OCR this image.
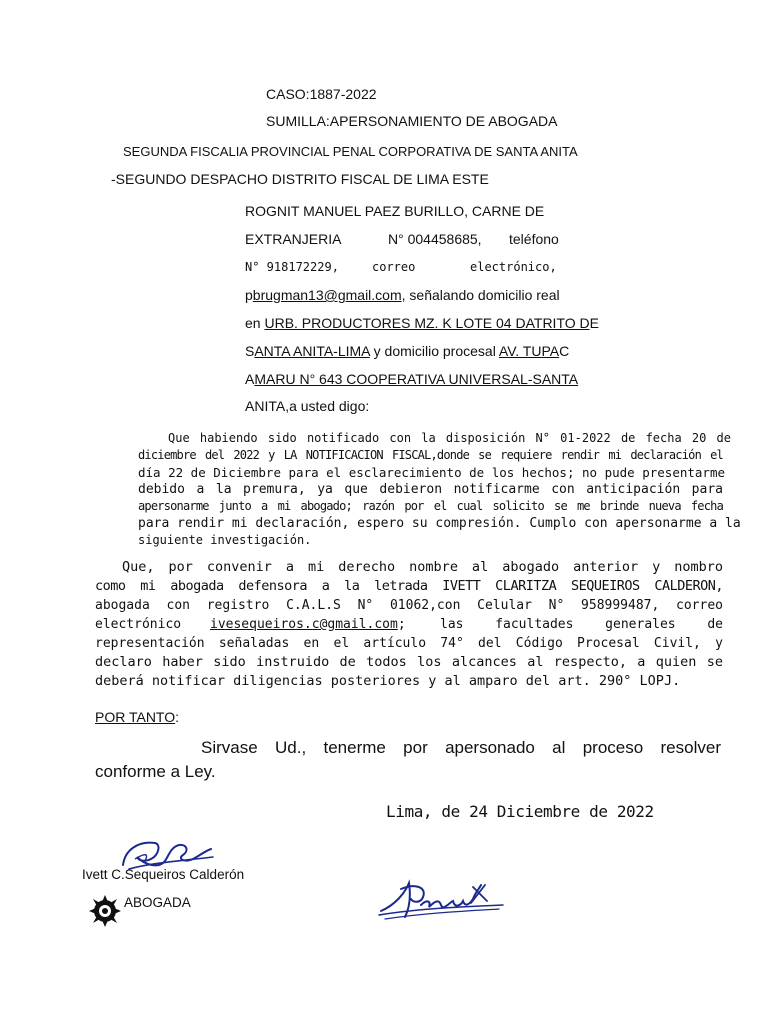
CASO:1887-2022
SUMILLA:APERSONAMIENTO DE ABOGADA
SEGUNDA FISCALIA PROVINCIAL PENAL CORPORATIVA DE SANTA ANITA
-SEGUNDO DESPACHO DISTRITO FISCAL DE LIMA ESTE
ROGNIT MANUEL PAEZ BURILLO, CARNE DE
EXTRANJERIA	N° 004458685, teléfono
N° 918172229,	correo	electrónico,
pbrugman13@gmail.com, señalando domicilio real
en URB. PRODUCTORES MZ. K LOTE 04 DATRITO DE
SANTA ANITA-LIMA y domicilio procesal AV. TUPAC
AMARU N° 643 COOPERATIVA UNIVERSAL-SANTA
ANITA,a usted digo:
Que habiendo sido notificado con la disposición N° 01-2022 de fecha 20 de
diciembre del 2022 y LA NOTIFICACION FISCAL,donde se requiere rendir mi declaración el
día 22 de Diciembre para el esclarecimiento de los hechos; no pude presentarme
debido a la premura, ya que debieron notificarme con anticipación para
apersonarme junto a mi abogado; razón por el cual solicito se me brinde nueva fecha
para rendir mi declaración, espero su compresión. Cumplo con apersonarme a la
siguiente investigación.
Que, por convenir a mi derecho nombre al abogado anterior y nombro
como mi abogada defensora a la letrada IVETT CLARITZA SEQUEIROS CALDERON,
abogada con registro C.A.L.S N° 01062,con Celular N° 958999487, correo
electrónico ivesequeiros.c@gmail.com;	las facultades generales de
representación señaladas en el artículo 74° del Código Procesal Civil, y
declaro haber sido instruido de todos los alcances al respecto, a quien se
deberá notificar diligencias posteriores y al amparo del art. 290° LOPJ.
POR TANTO:
Sirvase Ud., tenerme por apersonado al proceso resolver
conforme a Ley.
Lima, de 24 Diciembre de 2022
Ivett C.Sequeiros Calderón
ABOGADA
